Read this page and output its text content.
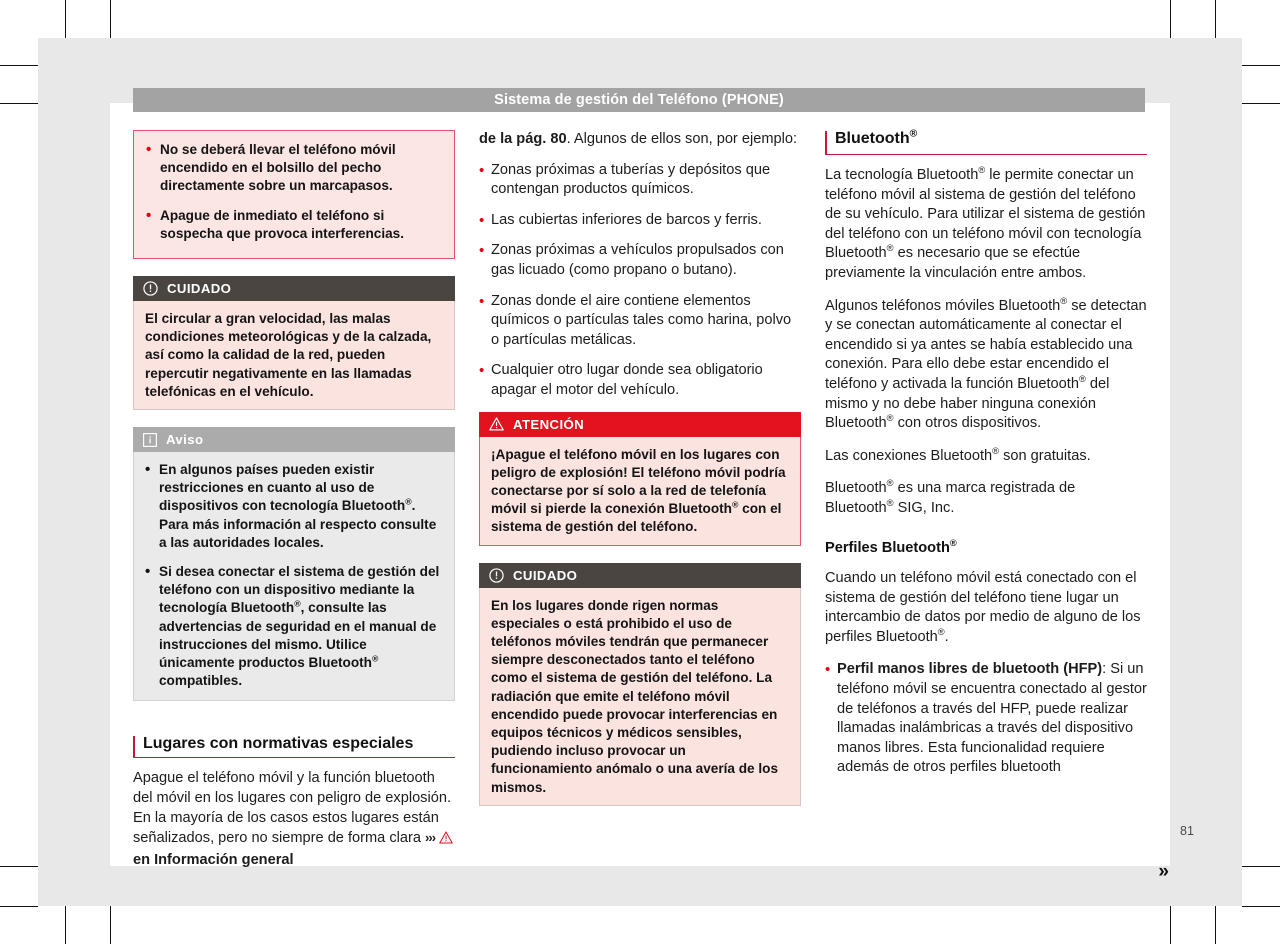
Sistema de gestión del Teléfono (PHONE)
• No se deberá llevar el teléfono móvil encendido en el bolsillo del pecho directamente sobre un marcapasos.
• Apague de inmediato el teléfono si sospecha que provoca interferencias.
CUIDADO

El circular a gran velocidad, las malas condiciones meteorológicas y de la calzada, así como la calidad de la red, pueden repercutir negativamente en las llamadas telefónicas en el vehículo.

Aviso
• En algunos países pueden existir restricciones en cuanto al uso de dispositivos con tecnología Bluetooth®. Para más información al respecto consulte a las autoridades locales.
• Si desea conectar el sistema de gestión del teléfono con un dispositivo mediante la tecnología Bluetooth®, consulte las advertencias de seguridad en el manual de instrucciones del mismo. Utilice únicamente productos Bluetooth® compatibles.
Lugares con normativas especiales

Apague el teléfono móvil y la función bluetooth del móvil en los lugares con peligro de explosión. En la mayoría de los casos estos lugares están señalizados, pero no siempre de forma clara ›››  en Información general

de la pág. 80. Algunos de ellos son, por ejemplo:

• Zonas próximas a tuberías y depósitos que contengan productos químicos.
• Las cubiertas inferiores de barcos y ferris.
• Zonas próximas a vehículos propulsados con gas licuado (como propano o butano).
• Zonas donde el aire contiene elementos químicos o partículas tales como harina, polvo o partículas metálicas.
• Cualquier otro lugar donde sea obligatorio apagar el motor del vehículo.
ATENCIÓN

¡Apague el teléfono móvil en los lugares con peligro de explosión! El teléfono móvil podría conectarse por sí solo a la red de telefonía móvil si pierde la conexión Bluetooth® con el sistema de gestión del teléfono.

CUIDADO

En los lugares donde rigen normas especiales o está prohibido el uso de teléfonos móviles tendrán que permanecer siempre desconectados tanto el teléfono como el sistema de gestión del teléfono. La radiación que emite el teléfono móvil encendido puede provocar interferencias en equipos técnicos y médicos sensibles, pudiendo incluso provocar un funcionamiento anómalo o una avería de los mismos.

Bluetooth®

La tecnología Bluetooth® le permite conectar un teléfono móvil al sistema de gestión del teléfono de su vehículo. Para utilizar el sistema de gestión del teléfono con un teléfono móvil con tecnología Bluetooth® es necesario que se efectúe previamente la vinculación entre ambos.

Algunos teléfonos móviles Bluetooth® se detectan y se conectan automáticamente al conectar el encendido si ya antes se había establecido una conexión. Para ello debe estar encendido el teléfono y activada la función Bluetooth® del mismo y no debe haber ninguna conexión Bluetooth® con otros dispositivos.

Las conexiones Bluetooth® son gratuitas.

Bluetooth® es una marca registrada de Bluetooth® SIG, Inc.

Perfiles Bluetooth®

Cuando un teléfono móvil está conectado con el sistema de gestión del teléfono tiene lugar un intercambio de datos por medio de alguno de los perfiles Bluetooth®.

• Perfil manos libres de bluetooth (HFP): Si un teléfono móvil se encuentra conectado al gestor de teléfonos a través del HFP, puede realizar llamadas inalámbricas a través del dispositivo manos libres. Esta funcionalidad requiere además de otros perfiles bluetooth
»
81
